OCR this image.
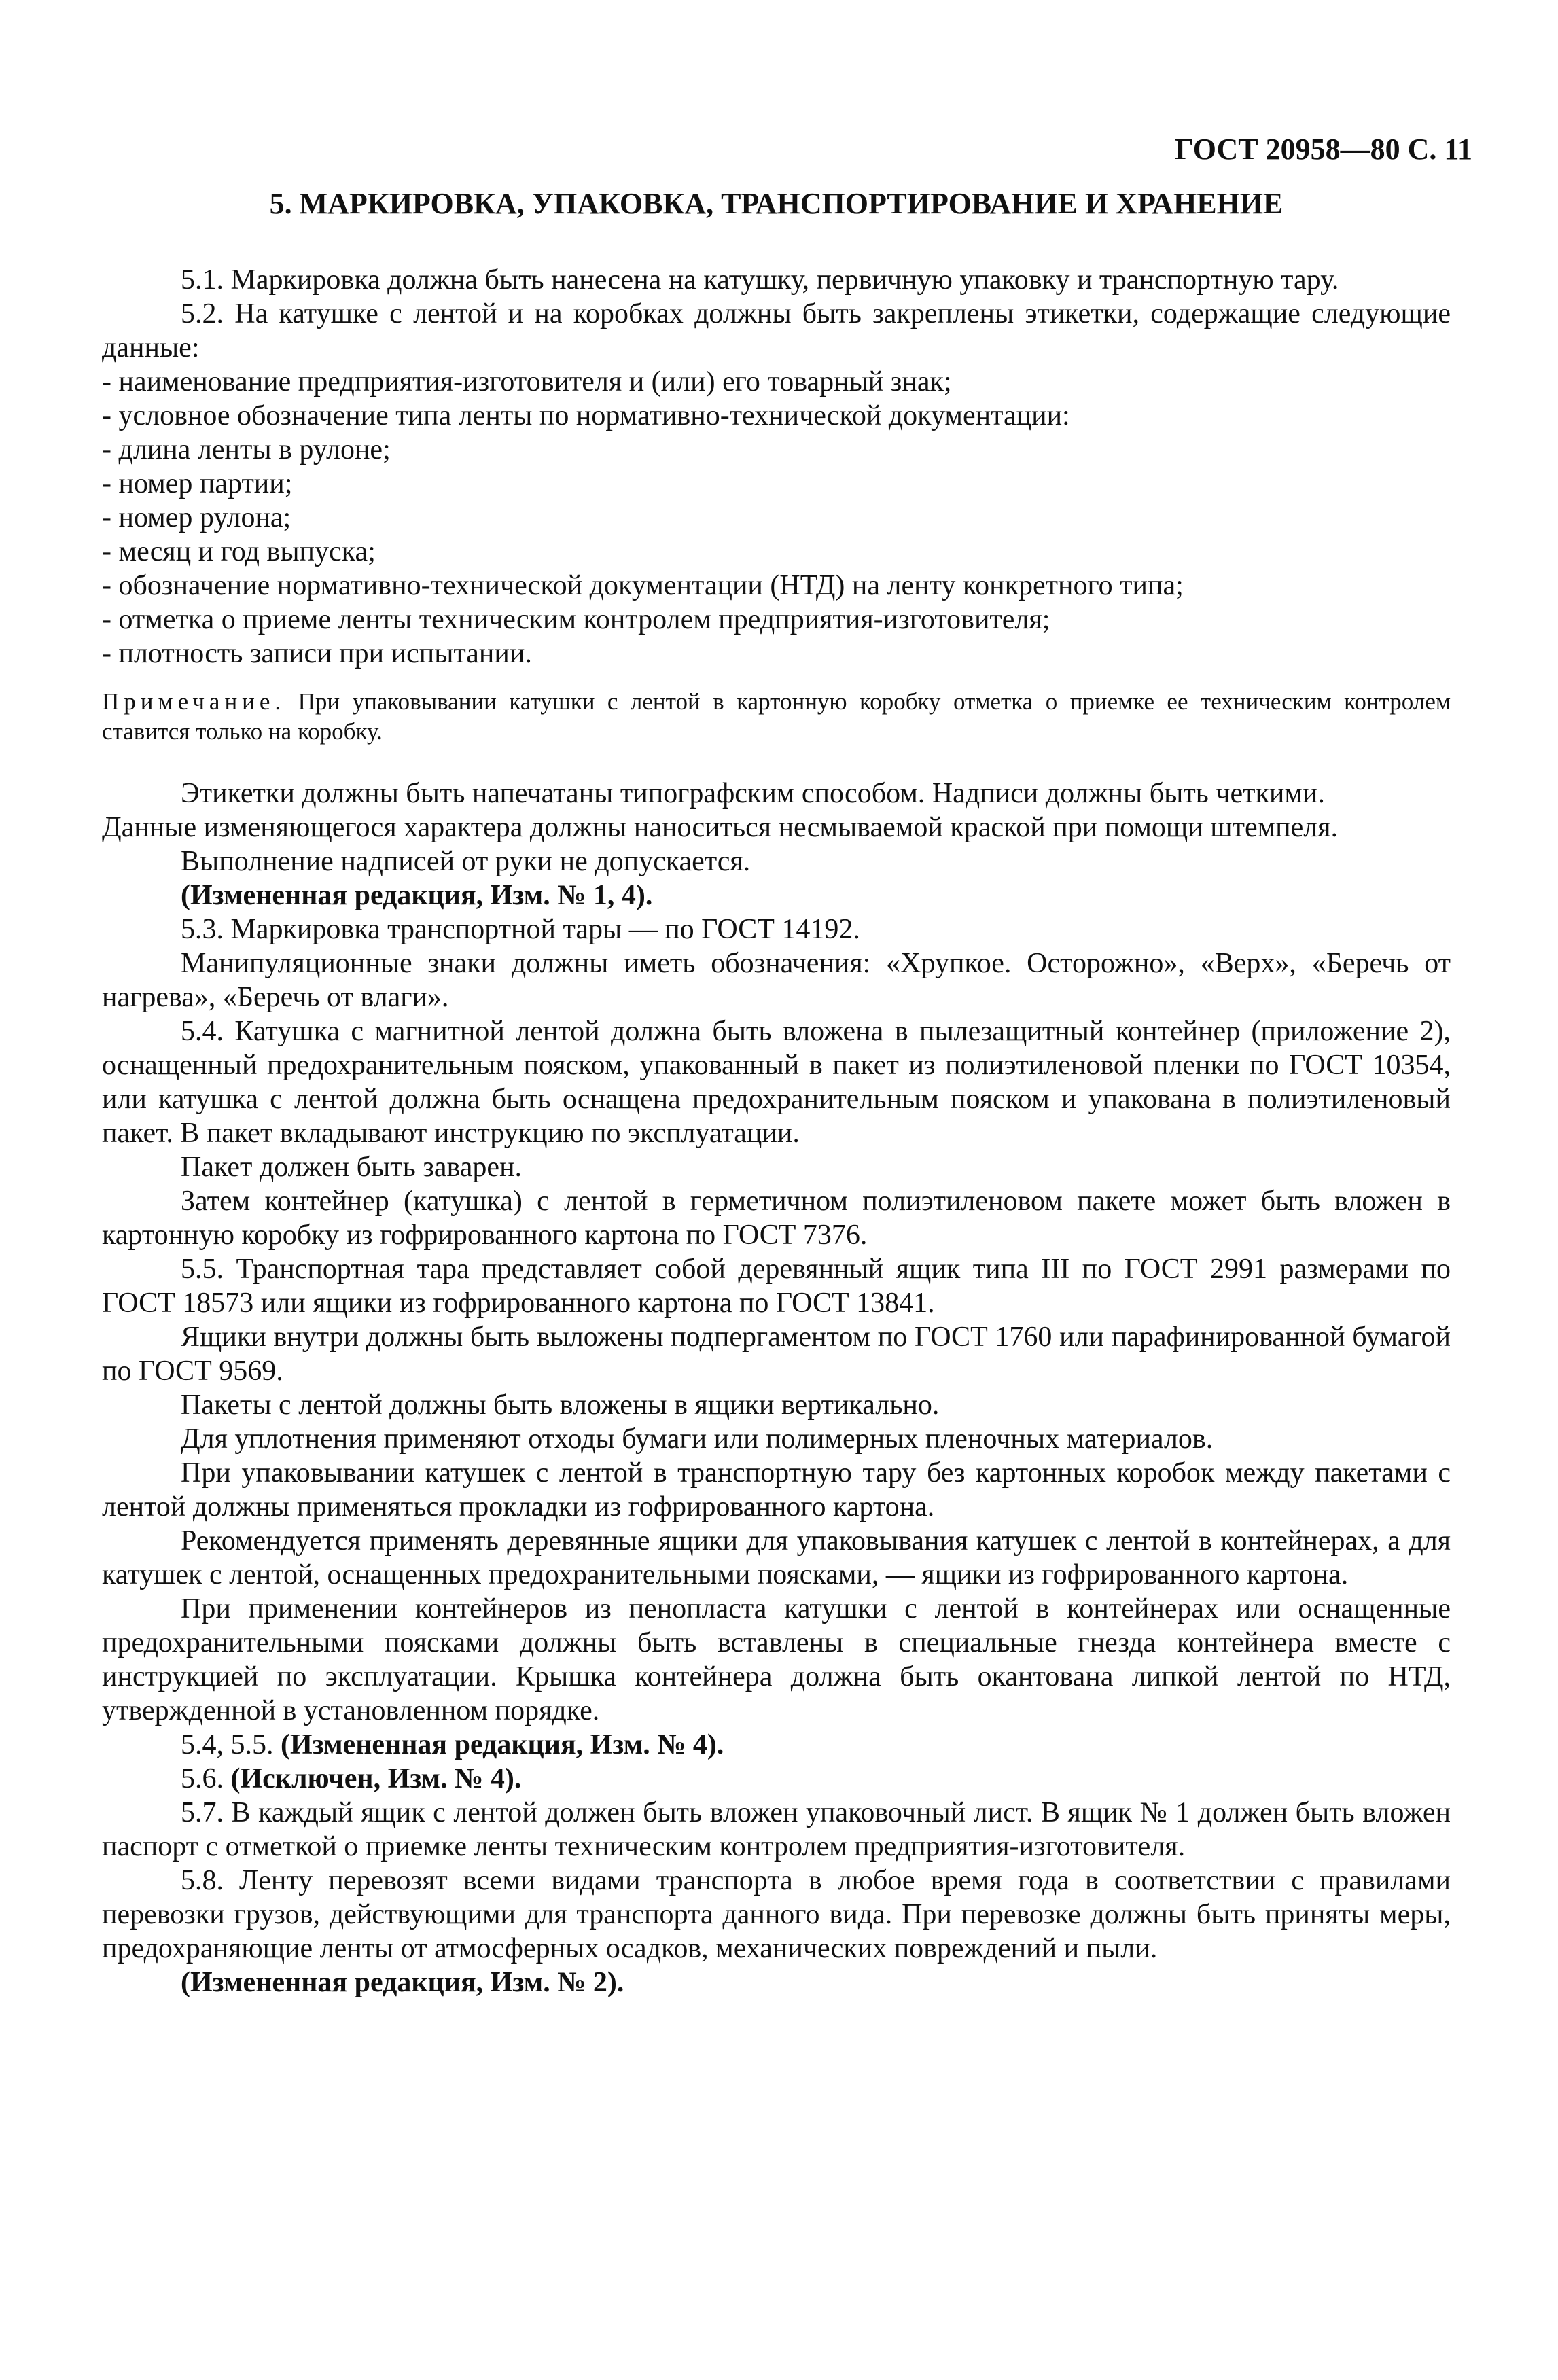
ГОСТ 20958—80 С. 11
5. МАРКИРОВКА, УПАКОВКА, ТРАНСПОРТИРОВАНИЕ И ХРАНЕНИЕ

5.1. Маркировка должна быть нанесена на катушку, первичную упаковку и транспортную тару.

5.2. На катушке с лентой и на коробках должны быть закреплены этикетки, содержащие следующие данные:

- наименование предприятия-изготовителя и (или) его товарный знак;
- условное обозначение типа ленты по нормативно-технической документации:
- длина ленты в рулоне;
- номер партии;
- номер рулона;
- месяц и год выпуска;
- обозначение нормативно-технической документации (НТД) на ленту конкретного типа;
- отметка о приеме ленты техническим контролем предприятия-изготовителя;
- плотность записи при испытании.

Примечание. При упаковывании катушки с лентой в картонную коробку отметка о приемке ее техническим контролем ставится только на коробку.

Этикетки должны быть напечатаны типографским способом. Надписи должны быть четкими.

Данные изменяющегося характера должны наноситься несмываемой краской при помощи штемпеля.

Выполнение надписей от руки не допускается.

(Измененная редакция, Изм. № 1, 4).

5.3. Маркировка транспортной тары — по ГОСТ 14192.

Манипуляционные знаки должны иметь обозначения: «Хрупкое. Осторожно», «Верх», «Беречь от нагрева», «Беречь от влаги».

5.4. Катушка с магнитной лентой должна быть вложена в пылезащитный контейнер (приложение 2), оснащенный предохранительным пояском, упакованный в пакет из полиэтиленовой пленки по ГОСТ 10354, или катушка с лентой должна быть оснащена предохранительным пояском и упакована в полиэтиленовый пакет. В пакет вкладывают инструкцию по эксплуатации.

Пакет должен быть заварен.

Затем контейнер (катушка) с лентой в герметичном полиэтиленовом пакете может быть вложен в картонную коробку из гофрированного картона по ГОСТ 7376.

5.5. Транспортная тара представляет собой деревянный ящик типа III по ГОСТ 2991 размерами по ГОСТ 18573 или ящики из гофрированного картона по ГОСТ 13841.

Ящики внутри должны быть выложены подпергаментом по ГОСТ 1760 или парафинированной бумагой по ГОСТ 9569.

Пакеты с лентой должны быть вложены в ящики вертикально.

Для уплотнения применяют отходы бумаги или полимерных пленочных материалов.

При упаковывании катушек с лентой в транспортную тару без картонных коробок между пакетами с лентой должны применяться прокладки из гофрированного картона.

Рекомендуется применять деревянные ящики для упаковывания катушек с лентой в контейнерах, а для катушек с лентой, оснащенных предохранительными поясками, — ящики из гофрированного картона.

При применении контейнеров из пенопласта катушки с лентой в контейнерах или оснащенные предохранительными поясками должны быть вставлены в специальные гнезда контейнера вместе с инструкцией по эксплуатации. Крышка контейнера должна быть окантована липкой лентой по НТД, утвержденной в установленном порядке.

5.4, 5.5. (Измененная редакция, Изм. № 4).

5.6. (Исключен, Изм. № 4).

5.7. В каждый ящик с лентой должен быть вложен упаковочный лист. В ящик № 1 должен быть вложен паспорт с отметкой о приемке ленты техническим контролем предприятия-изготовителя.

5.8. Ленту перевозят всеми видами транспорта в любое время года в соответствии с правилами перевозки грузов, действующими для транспорта данного вида. При перевозке должны быть приняты меры, предохраняющие ленты от атмосферных осадков, механических повреждений и пыли.

(Измененная редакция, Изм. № 2).
